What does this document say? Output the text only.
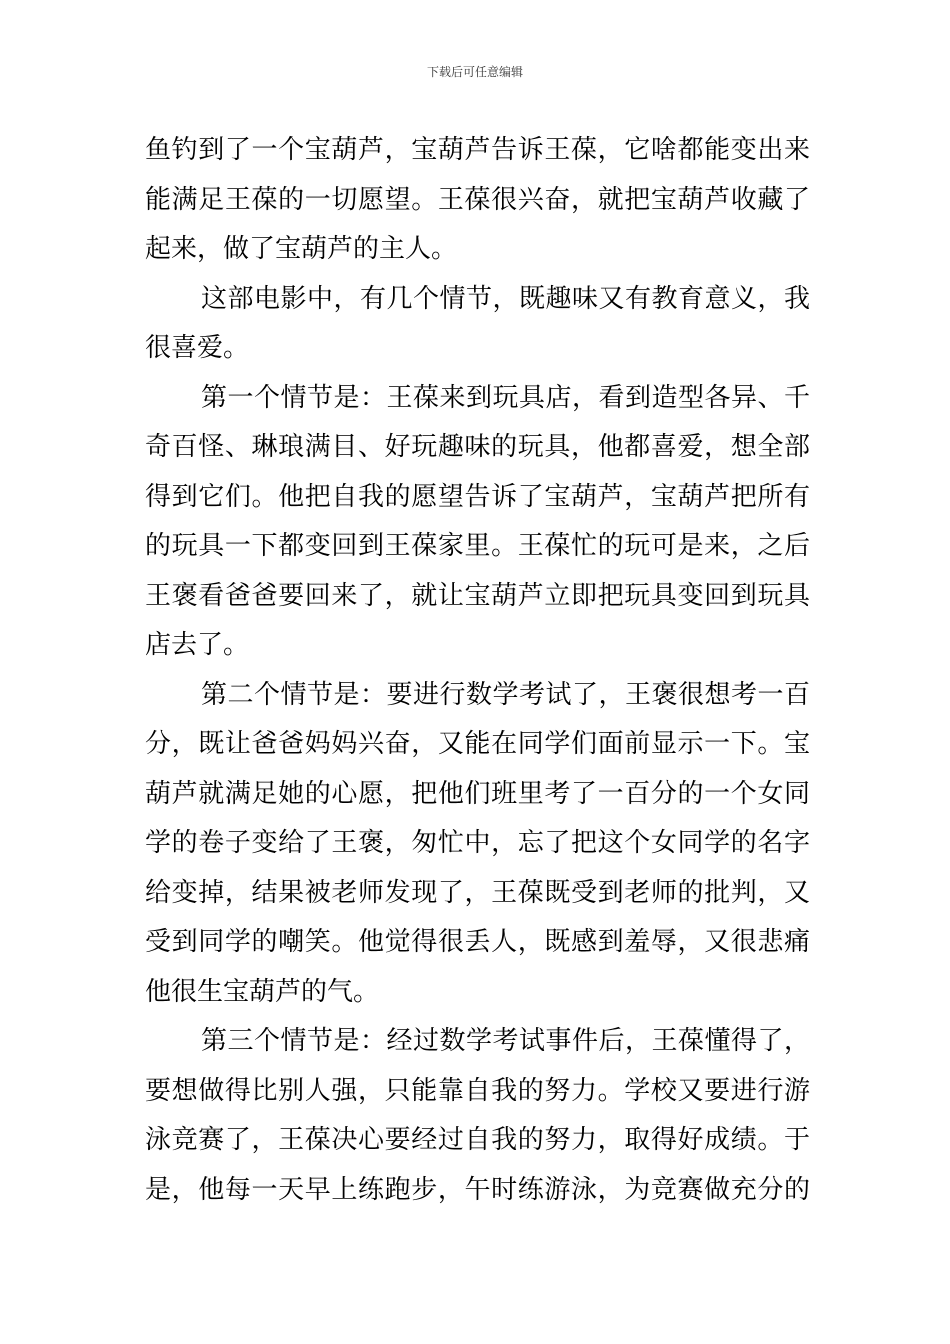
下载后可任意编辑
鱼钓到了一个宝葫芦，宝葫芦告诉王葆，它啥都能变出来
能满足王葆的一切愿望。王葆很兴奋，就把宝葫芦收藏了
起来，做了宝葫芦的主人。
这部电影中，有几个情节，既趣味又有教育意义，我
很喜爱。
第一个情节是：王葆来到玩具店，看到造型各异、千
奇百怪、琳琅满目、好玩趣味的玩具，他都喜爱，想全部
得到它们。他把自我的愿望告诉了宝葫芦，宝葫芦把所有
的玩具一下都变回到王葆家里。王葆忙的玩可是来，之后
王褒看爸爸要回来了，就让宝葫芦立即把玩具变回到玩具
店去了。
第二个情节是：要进行数学考试了，王褒很想考一百
分，既让爸爸妈妈兴奋，又能在同学们面前显示一下。宝
葫芦就满足她的心愿，把他们班里考了一百分的一个女同
学的卷子变给了王褒，匆忙中，忘了把这个女同学的名字
给变掉，结果被老师发现了，王葆既受到老师的批判，又
受到同学的嘲笑。他觉得很丢人，既感到羞辱，又很悲痛
他很生宝葫芦的气。
第三个情节是：经过数学考试事件后，王葆懂得了，
要想做得比别人强，只能靠自我的努力。学校又要进行游
泳竞赛了，王葆决心要经过自我的努力，取得好成绩。于
是，他每一天早上练跑步，午时练游泳，为竞赛做充分的
